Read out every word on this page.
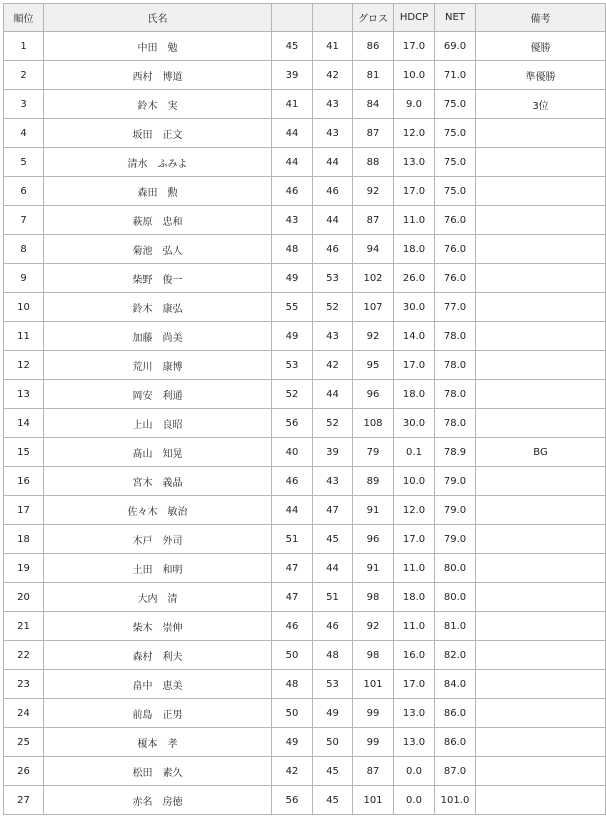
順位	氏名			グロス	HDCP	NET	備考
1	中田　勉	45	41	86	17.0	69.0	優勝
2	西村　博道	39	42	81	10.0	71.0	準優勝
3	鈴木　実	41	43	84	9.0	75.0	3位
4	坂田　正文	44	43	87	12.0	75.0	
5	清水　ふみよ	44	44	88	13.0	75.0	
6	森田　勲	46	46	92	17.0	75.0	
7	萩原　忠和	43	44	87	11.0	76.0	
8	菊池　弘人	48	46	94	18.0	76.0	
9	柴野　俊一	49	53	102	26.0	76.0	
10	鈴木　康弘	55	52	107	30.0	77.0	
11	加藤　尚美	49	43	92	14.0	78.0	
12	荒川　康博	53	42	95	17.0	78.0	
13	岡安　利通	52	44	96	18.0	78.0	
14	上山　良昭	56	52	108	30.0	78.0	
15	髙山　知晃	40	39	79	0.1	78.9	BG
16	宮木　義晶	46	43	89	10.0	79.0	
17	佐々木　敏治	44	47	91	12.0	79.0	
18	木戸　外司	51	45	96	17.0	79.0	
19	土田　和明	47	44	91	11.0	80.0	
20	大内　清	47	51	98	18.0	80.0	
21	柴木　崇伸	46	46	92	11.0	81.0	
22	森村　利夫	50	48	98	16.0	82.0	
23	畠中　恵美	48	53	101	17.0	84.0	
24	前島　正男	50	49	99	13.0	86.0	
25	榎本　孝	49	50	99	13.0	86.0	
26	松田　素久	42	45	87	0.0	87.0	
27	赤名　房徳	56	45	101	0.0	101.0	
